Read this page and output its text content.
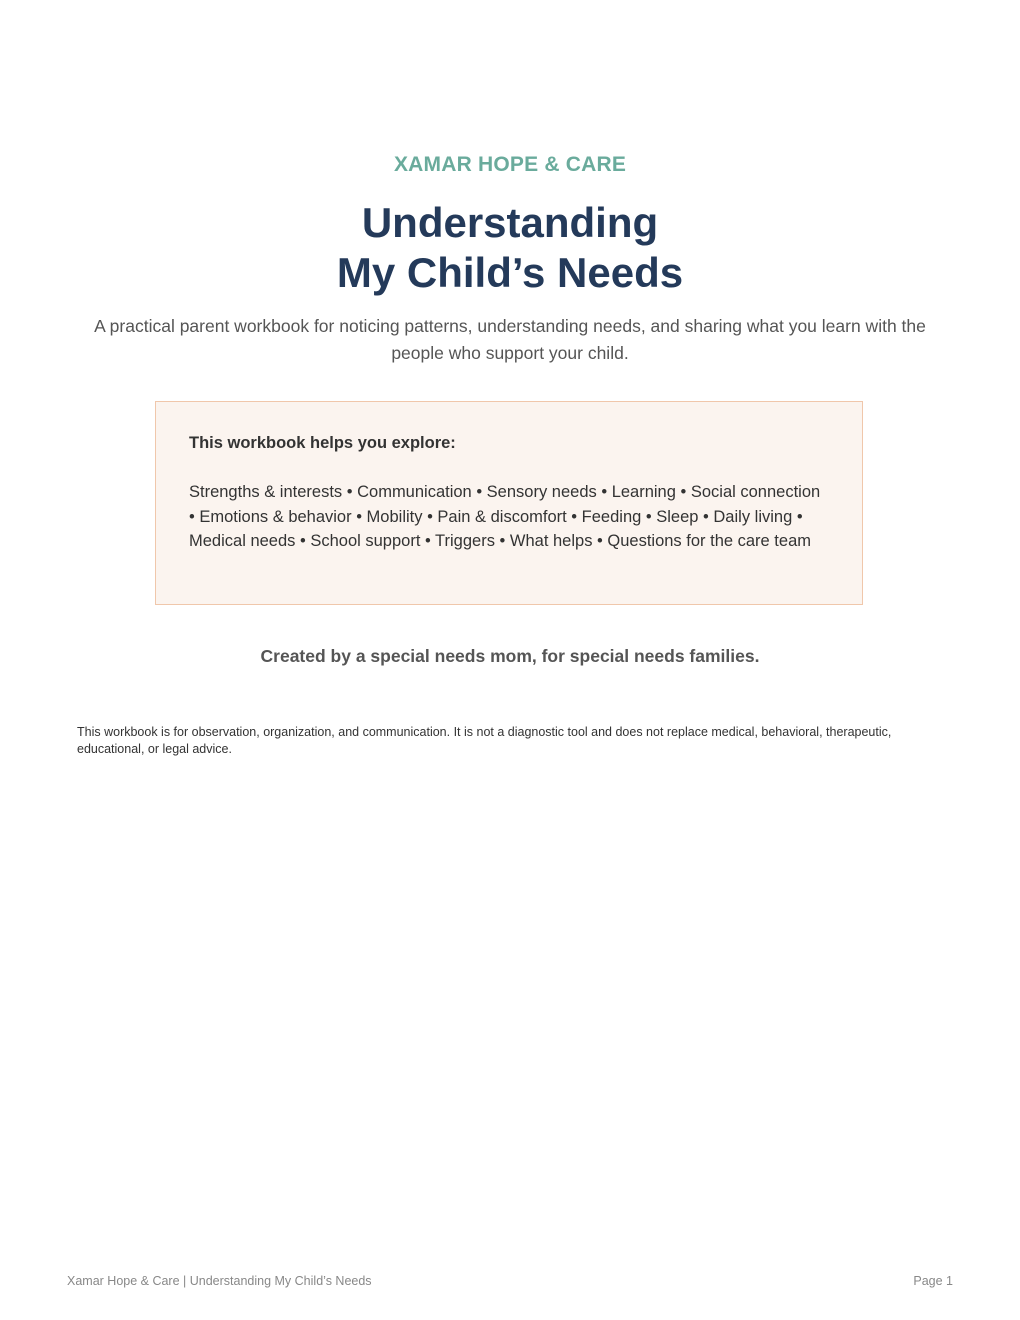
XAMAR HOPE & CARE
Understanding
My Child’s Needs
A practical parent workbook for noticing patterns, understanding needs, and sharing what you learn with the people who support your child.
This workbook helps you explore:
Strengths & interests • Communication • Sensory needs • Learning • Social connection • Emotions & behavior • Mobility • Pain & discomfort • Feeding • Sleep • Daily living • Medical needs • School support • Triggers • What helps • Questions for the care team
Created by a special needs mom, for special needs families.
This workbook is for observation, organization, and communication. It is not a diagnostic tool and does not replace medical, behavioral, therapeutic, educational, or legal advice.
Xamar Hope & Care | Understanding My Child’s Needs	Page 1
